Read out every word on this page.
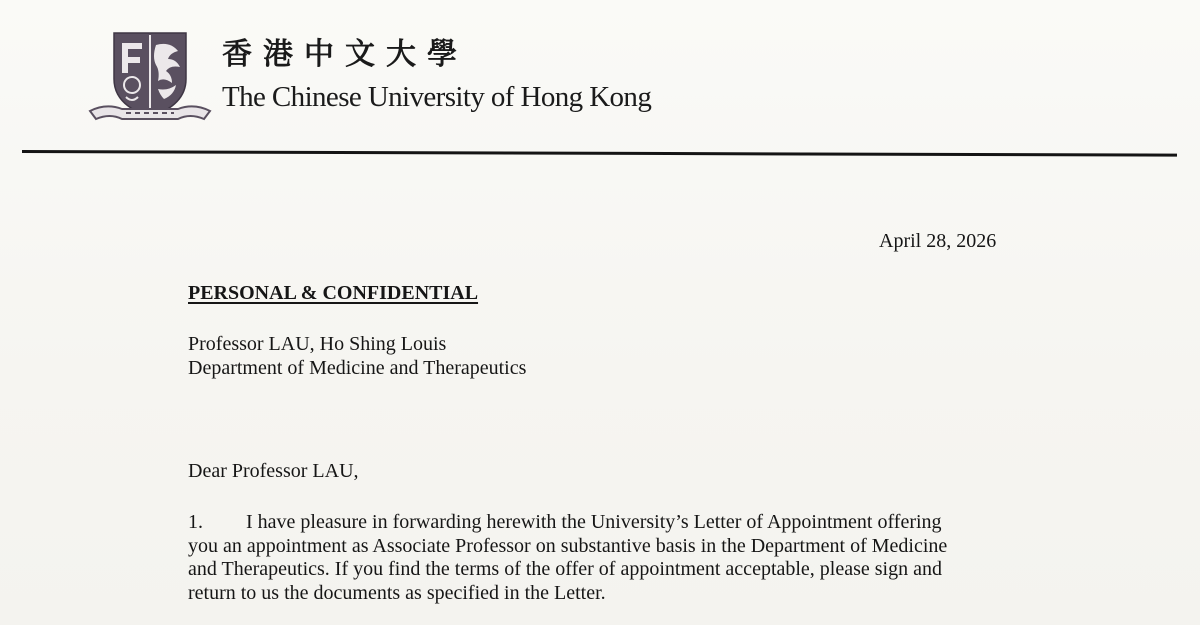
香港中文大學
The Chinese University of Hong Kong
April 28, 2026
PERSONAL & CONFIDENTIAL
Professor LAU, Ho Shing Louis
Department of Medicine and Therapeutics
Dear Professor LAU,
1. I have pleasure in forwarding herewith the University’s Letter of Appointment offering
you an appointment as Associate Professor on substantive basis in the Department of Medicine
and Therapeutics. If you find the terms of the offer of appointment acceptable, please sign and
return to us the documents as specified in the Letter.
